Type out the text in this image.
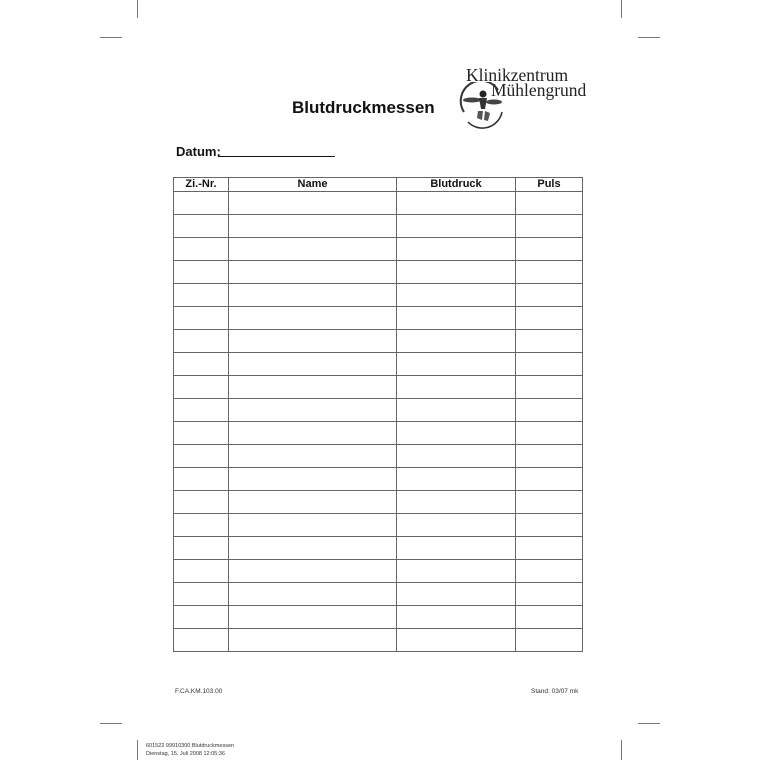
Klinikzentrum
Mühlengrund
Blutdruckmessen
Datum:
Zi.-Nr.	Name	Blutdruck	Puls

F.CA.KM.103.00	Stand: 03/07 mk
601522 99910300 Blutdruckmessen
Dienstag, 15. Juli 2008 12:05:36
